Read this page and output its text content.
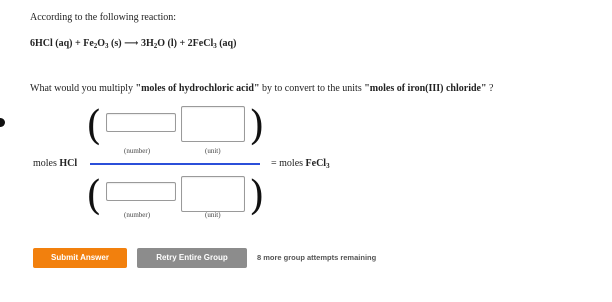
According to the following reaction:
6HCl $(aq) + Fe_2O_3$ (s) ⟶ $3H_2O$ (l) + 2FeCl$_3$ (aq)
What would you multiply "moles of hydrochloric acid" by to convert to the units "moles of iron(III) chloride" ?
(	)
(number)	(unit)
moles HCl	= moles FeCl$_3$
(	)
(number)	(unit)
Submit Answer	Retry Entire Group	8 more group attempts remaining
